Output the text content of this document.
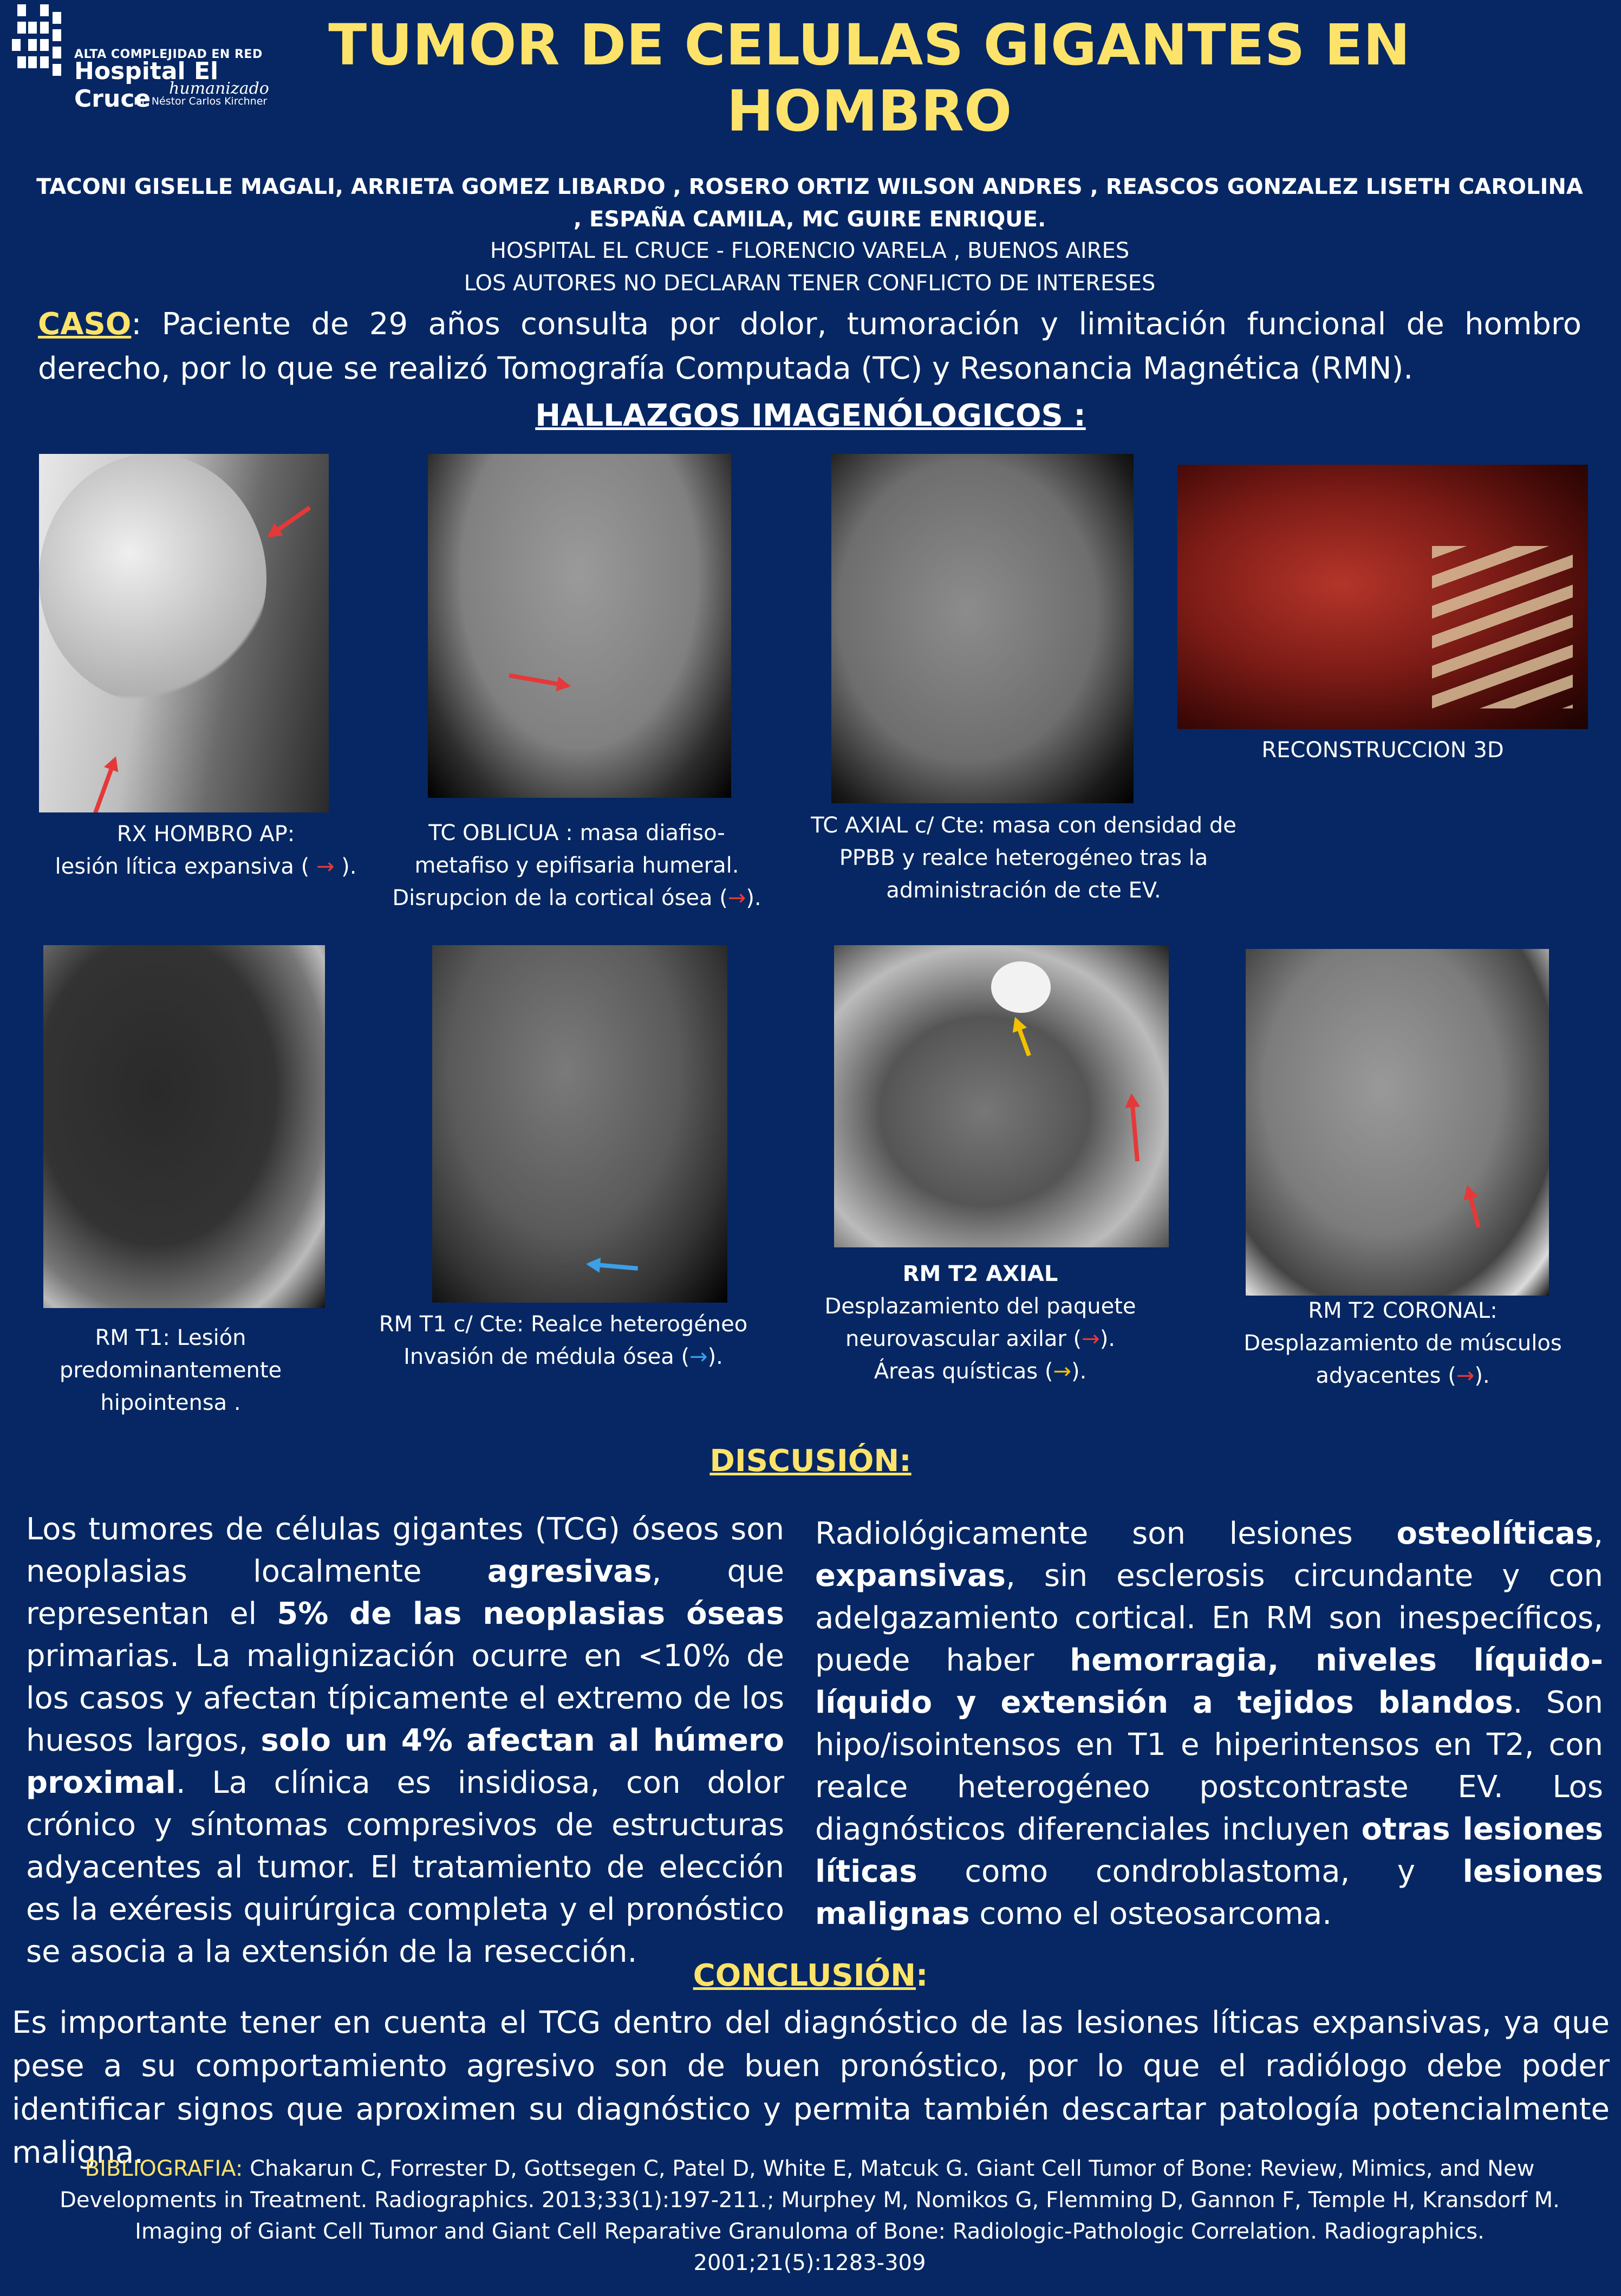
ALTA COMPLEJIDAD EN RED
Hospital El Cruce	humanizado
Dr. Néstor Carlos Kirchner
TUMOR DE CELULAS GIGANTES EN HOMBRO
TACONI GISELLE MAGALI, ARRIETA GOMEZ LIBARDO , ROSERO ORTIZ WILSON ANDRES , REASCOS GONZALEZ LISETH CAROLINA , ESPAÑA CAMILA, MC GUIRE ENRIQUE.
HOSPITAL EL CRUCE - FLORENCIO VARELA , BUENOS AIRES
LOS AUTORES NO DECLARAN TENER CONFLICTO DE INTERESES
CASO: Paciente de 29 años consulta por dolor, tumoración y limitación funcional de hombro derecho, por lo que se realizó Tomografía Computada (TC) y Resonancia Magnética (RMN).
HALLAZGOS IMAGENÓLOGICOS :
RX HOMBRO AP:
lesión lítica expansiva ( → ).
TC OBLICUA : masa diafiso-
metafiso y epifisaria humeral.
Disrupcion de la cortical ósea (→).
TC AXIAL c/ Cte: masa con densidad de
PPBB y realce heterogéneo tras la
administración de cte EV.
RECONSTRUCCION 3D
RM T1: Lesión
predominantemente
hipointensa .
RM T1 c/ Cte: Realce heterogéneo
Invasión de médula ósea (→).
RM T2 AXIAL
Desplazamiento del paquete
neurovascular axilar (→).
Áreas quísticas (→).
RM T2 CORONAL:
Desplazamiento de músculos
adyacentes (→).
DISCUSIÓN:
Los tumores de células gigantes (TCG) óseos son neoplasias localmente agresivas, que representan el 5% de las neoplasias óseas primarias. La malignización ocurre en <10% de los casos y afectan típicamente el extremo de los huesos largos, solo un 4% afectan al húmero proximal. La clínica es insidiosa, con dolor crónico y síntomas compresivos de estructuras adyacentes al tumor. El tratamiento de elección es la exéresis quirúrgica completa y el pronóstico se asocia a la extensión de la resección.
Radiológicamente son lesiones osteolíticas, expansivas, sin esclerosis circundante y con adelgazamiento cortical. En RM son inespecíficos, puede haber hemorragia, niveles líquido- líquido y extensión a tejidos blandos. Son hipo/isointensos en T1 e hiperintensos en T2, con realce heterogéneo postcontraste EV. Los diagnósticos diferenciales incluyen otras lesiones líticas como condroblastoma, y lesiones malignas como el osteosarcoma.
CONCLUSIÓN:
Es importante tener en cuenta el TCG dentro del diagnóstico de las lesiones líticas expansivas, ya que pese a su comportamiento agresivo son de buen pronóstico, por lo que el radiólogo debe poder identificar signos que aproximen su diagnóstico y permita también descartar patología potencialmente maligna.
BIBLIOGRAFIA: Chakarun C, Forrester D, Gottsegen C, Patel D, White E, Matcuk G. Giant Cell Tumor of Bone: Review, Mimics, and New Developments in Treatment. Radiographics. 2013;33(1):197-211.; Murphey M, Nomikos G, Flemming D, Gannon F, Temple H, Kransdorf M. Imaging of Giant Cell Tumor and Giant Cell Reparative Granuloma of Bone: Radiologic-Pathologic Correlation. Radiographics. 2001;21(5):1283-309
